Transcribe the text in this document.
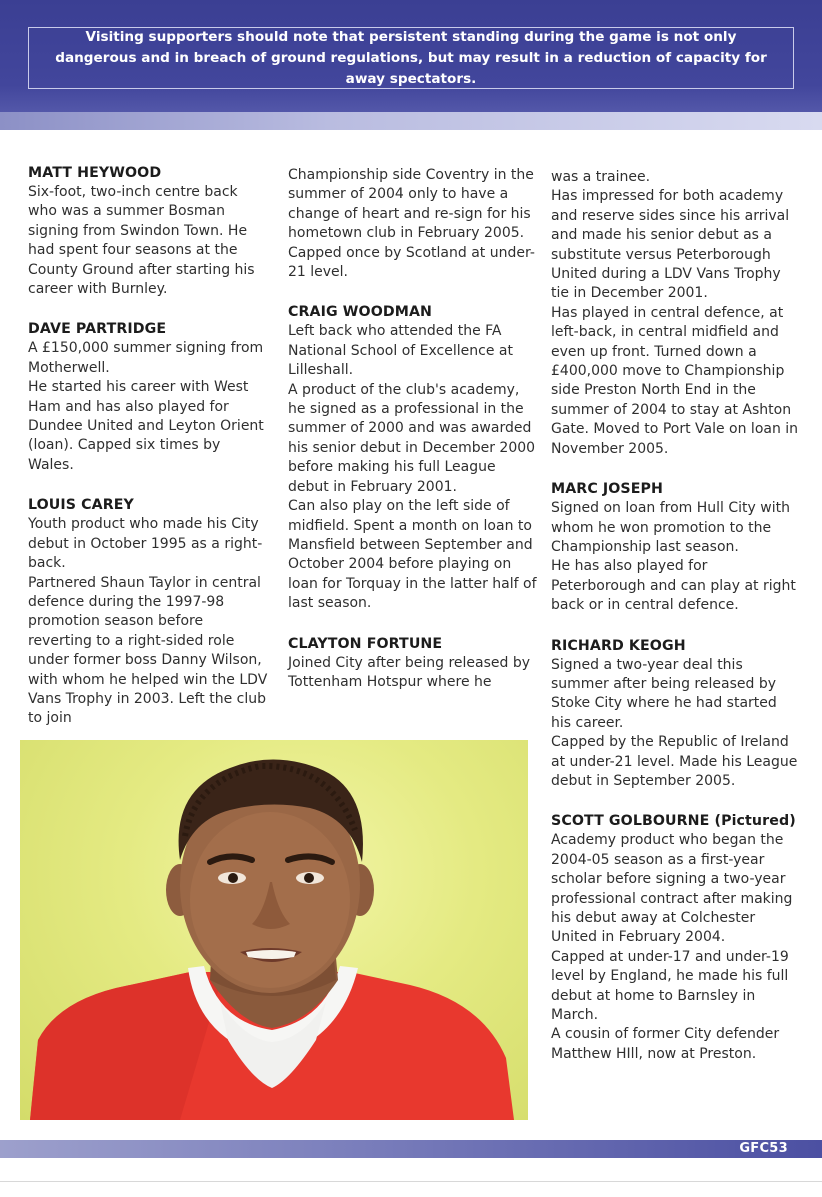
Visiting supporters should note that persistent standing during the game is not only dangerous and in breach of ground regulations, but may result in a reduction of capacity for away spectators.
MATT HEYWOOD
Six-foot, two-inch centre back who was a summer Bosman signing from Swindon Town. He had spent four seasons at the County Ground after starting his career with Burnley.
DAVE PARTRIDGE
A £150,000 summer signing from Motherwell.
He started his career with West Ham and has also played for Dundee United and Leyton Orient (loan). Capped six times by Wales.
LOUIS CAREY
Youth product who made his City debut in October 1995 as a right-back.
Partnered Shaun Taylor in central defence during the 1997-98 promotion season before reverting to a right-sided role under former boss Danny Wilson, with whom he helped win the LDV Vans Trophy in 2003. Left the club to join
Championship side Coventry in the summer of 2004 only to have a change of heart and re-sign for his hometown club in February 2005. Capped once by Scotland at under-21 level.
CRAIG WOODMAN
Left back who attended the FA National School of Excellence at Lilleshall.
A product of the club's academy, he signed as a professional in the summer of 2000 and was awarded his senior debut in December 2000 before making his full League debut in February 2001.
Can also play on the left side of midfield. Spent a month on loan to Mansfield between September and October 2004 before playing on loan for Torquay in the latter half of last season.
CLAYTON FORTUNE
Joined City after being released by Tottenham Hotspur where he
was a trainee.
Has impressed for both academy and reserve sides since his arrival and made his senior debut as a substitute versus Peterborough United during a LDV Vans Trophy tie in December 2001.
Has played in central defence, at left-back, in central midfield and even up front. Turned down a £400,000 move to Championship side Preston North End in the summer of 2004 to stay at Ashton Gate. Moved to Port Vale on loan in November 2005.
MARC JOSEPH
Signed on loan from Hull City with whom he won promotion to the Championship last season.
He has also played for Peterborough and can play at right back or in central defence.
RICHARD KEOGH
Signed a two-year deal this summer after being released by Stoke City where he had started his career.
Capped by the Republic of Ireland at under-21 level. Made his League debut in September 2005.
SCOTT GOLBOURNE (Pictured)
Academy product who began the 2004-05 season as a first-year scholar before signing a two-year professional contract after making his debut away at Colchester United in February 2004.
Capped at under-17 and under-19 level by England, he made his full debut at home to Barnsley in March.
A cousin of former City defender Matthew HIll, now at Preston.
GFC53
